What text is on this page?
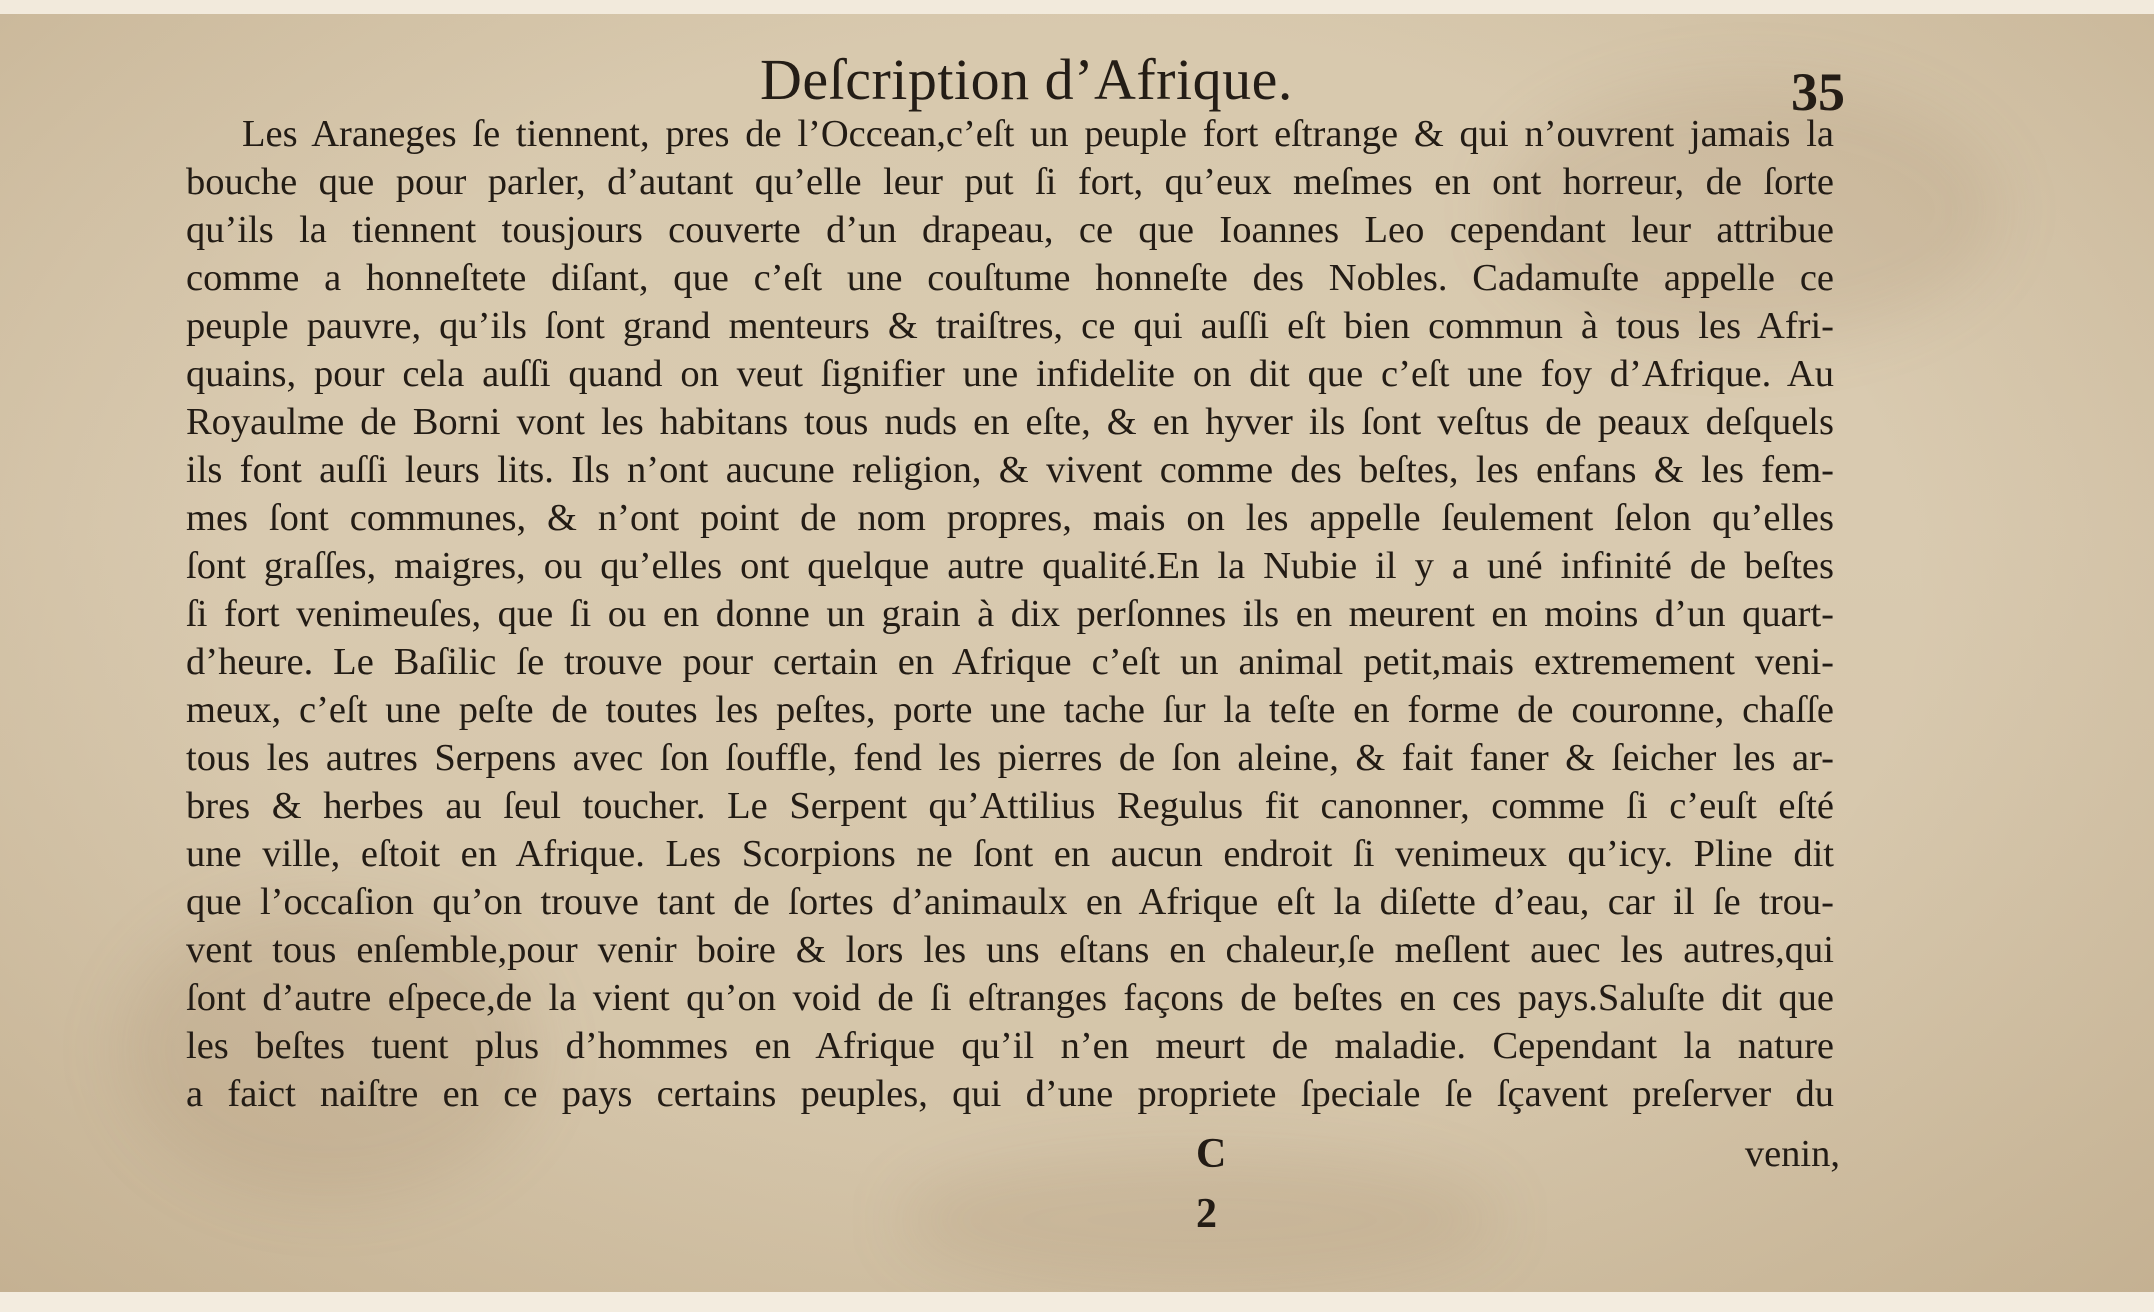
Deſcription d’Afrique.	35
Les Araneges ſe tiennent, pres de l’Occean,c’eſt un peuple fort eſtrange & qui n’ouvrent jamais la
bouche que pour parler, d’autant qu’elle leur put ſi fort, qu’eux meſmes en ont horreur, de ſorte
qu’ils la tiennent tousjours couverte d’un drapeau, ce que Ioannes Leo cependant leur attribue
comme a honneſtete diſant, que c’eſt une couſtume honneſte des Nobles. Cadamuſte appelle ce
peuple pauvre, qu’ils ſont grand menteurs & traiſtres, ce qui auſſi eſt bien commun à tous les Afri-
quains, pour cela auſſi quand on veut ſignifier une infidelite on dit que c’eſt une foy d’Afrique. Au
Royaulme de Borni vont les habitans tous nuds en eſte, & en hyver ils ſont veſtus de peaux deſquels
ils font auſſi leurs lits. Ils n’ont aucune religion, & vivent comme des beſtes, les enfans & les fem-
mes ſont communes, & n’ont point de nom propres, mais on les appelle ſeulement ſelon qu’elles
ſont graſſes, maigres, ou qu’elles ont quelque autre qualité.En la Nubie il y a uné infinité de beſtes
ſi fort venimeuſes, que ſi ou en donne un grain à dix perſonnes ils en meurent en moins d’un quart-
d’heure. Le Baſilic ſe trouve pour certain en Afrique c’eſt un animal petit,mais extremement veni-
meux, c’eſt une peſte de toutes les peſtes, porte une tache ſur la teſte en forme de couronne, chaſſe
tous les autres Serpens avec ſon ſouffle, fend les pierres de ſon aleine, & fait faner & ſeicher les ar-
bres & herbes au ſeul toucher. Le Serpent qu’Attilius Regulus fit canonner, comme ſi c’euſt eſté
une ville, eſtoit en Afrique. Les Scorpions ne ſont en aucun endroit ſi venimeux qu’icy. Pline dit
que l’occaſion qu’on trouve tant de ſortes d’animaulx en Afrique eſt la diſette d’eau, car il ſe trou-
vent tous enſemble,pour venir boire & lors les uns eſtans en chaleur,ſe meſlent auec les autres,qui
ſont d’autre eſpece,de la vient qu’on void de ſi eſtranges façons de beſtes en ces pays.Saluſte dit que
les beſtes tuent plus d’hommes en Afrique qu’il n’en meurt de maladie. Cependant la nature
a faict naiſtre en ce pays certains peuples, qui d’une propriete ſpeciale ſe ſçavent preſerver du
C 2
venin,
